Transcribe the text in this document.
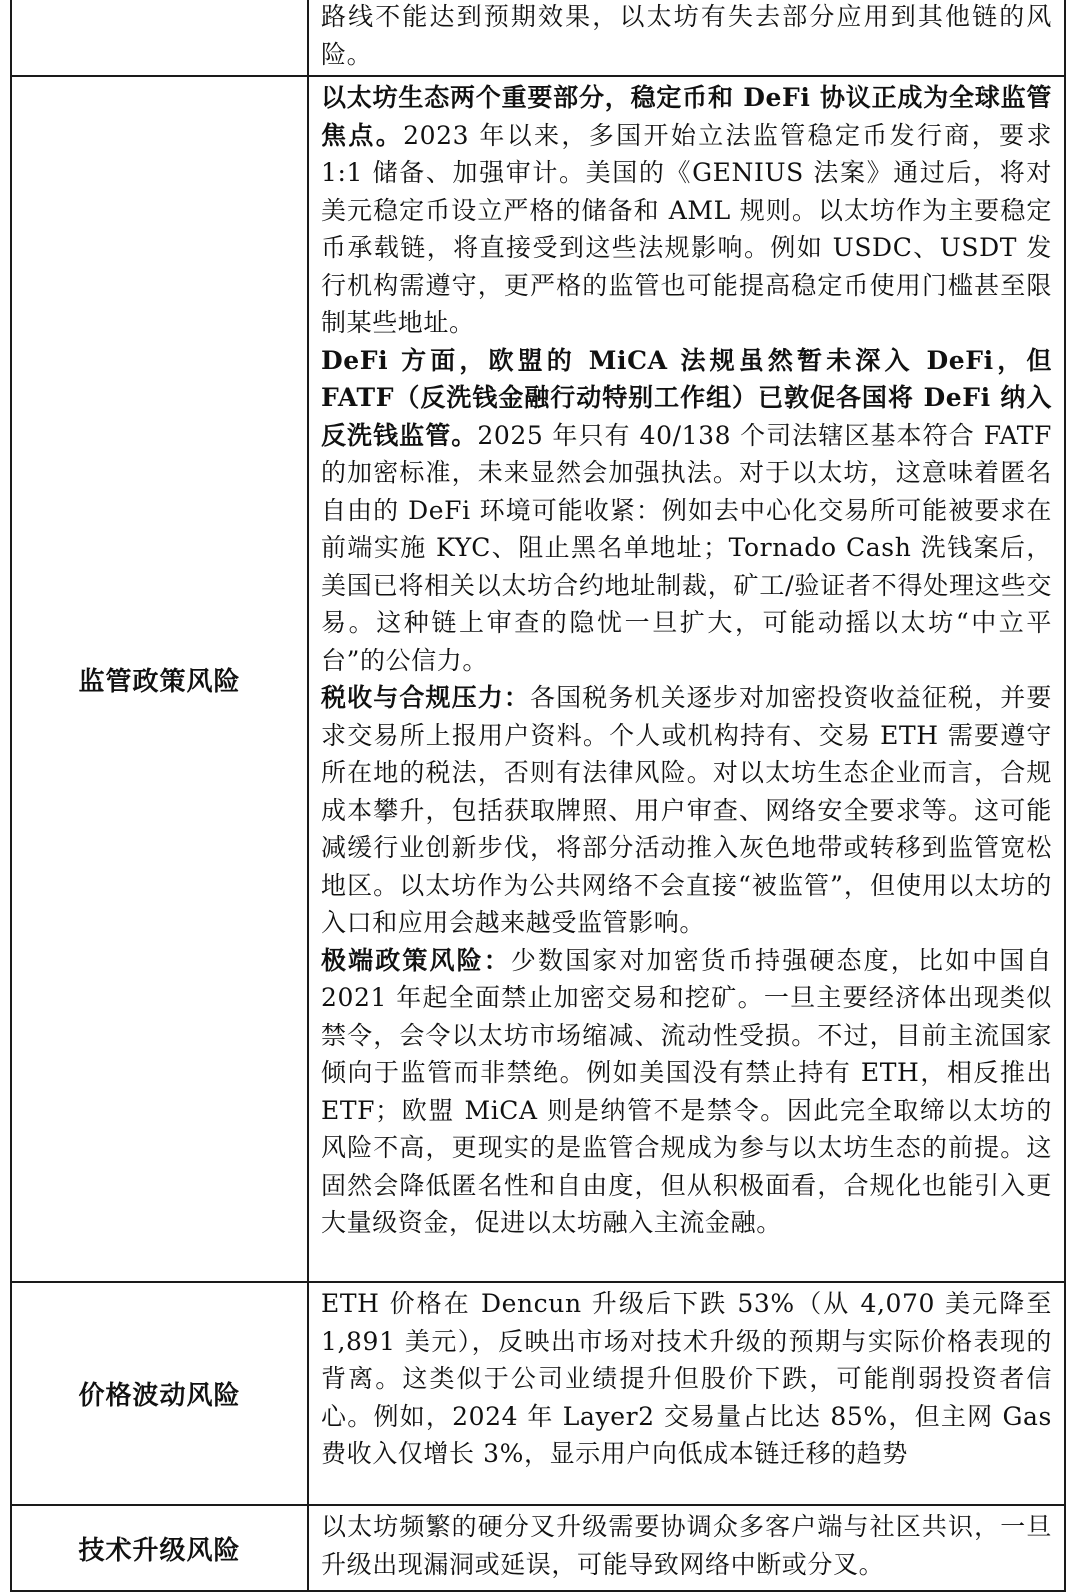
	路线不能达到预期效果，以太坊有失去部分应用到其他链的风险。

监管政策风险	以太坊生态两个重要部分，稳定币和 DeFi 协议正成为全球监管焦点。2023 年以来，多国开始立法监管稳定币发行商，要求 1:1 储备、加强审计。美国的《GENIUS 法案》通过后，将对美元稳定币设立严格的储备和 AML 规则。以太坊作为主要稳定币承载链，将直接受到这些法规影响。例如 USDC、USDT 发行机构需遵守，更严格的监管也可能提高稳定币使用门槛甚至限制某些地址。

DeFi 方面，欧盟的 MiCA 法规虽然暂未深入 DeFi，但 FATF（反洗钱金融行动特别工作组）已敦促各国将 DeFi 纳入反洗钱监管。2025 年只有 40/138 个司法辖区基本符合 FATF 的加密标准，未来显然会加强执法。对于以太坊，这意味着匿名自由的 DeFi 环境可能收紧：例如去中心化交易所可能被要求在前端实施 KYC、阻止黑名单地址；Tornado Cash 洗钱案后，美国已将相关以太坊合约地址制裁，矿工/验证者不得处理这些交易。这种链上审查的隐忧一旦扩大，可能动摇以太坊“中立平台”的公信力。

税收与合规压力：各国税务机关逐步对加密投资收益征税，并要求交易所上报用户资料。个人或机构持有、交易 ETH 需要遵守所在地的税法，否则有法律风险。对以太坊生态企业而言，合规成本攀升，包括获取牌照、用户审查、网络安全要求等。这可能减缓行业创新步伐，将部分活动推入灰色地带或转移到监管宽松地区。以太坊作为公共网络不会直接“被监管”，但使用以太坊的入口和应用会越来越受监管影响。

极端政策风险：少数国家对加密货币持强硬态度，比如中国自 2021 年起全面禁止加密交易和挖矿。一旦主要经济体出现类似禁令，会令以太坊市场缩减、流动性受损。不过，目前主流国家倾向于监管而非禁绝。例如美国没有禁止持有 ETH，相反推出 ETF；欧盟 MiCA 则是纳管不是禁令。因此完全取缔以太坊的风险不高，更现实的是监管合规成为参与以太坊生态的前提。这固然会降低匿名性和自由度，但从积极面看，合规化也能引入更大量级资金，促进以太坊融入主流金融。

价格波动风险	ETH 价格在 Dencun 升级后下跌 53%（从 4,070 美元降至 1,891 美元），反映出市场对技术升级的预期与实际价格表现的背离。这类似于公司业绩提升但股价下跌，可能削弱投资者信心。例如，2024 年 Layer2 交易量占比达 85%，但主网 Gas 费收入仅增长 3%，显示用户向低成本链迁移的趋势

技术升级风险	以太坊频繁的硬分叉升级需要协调众多客户端与社区共识，一旦升级出现漏洞或延误，可能导致网络中断或分叉。
